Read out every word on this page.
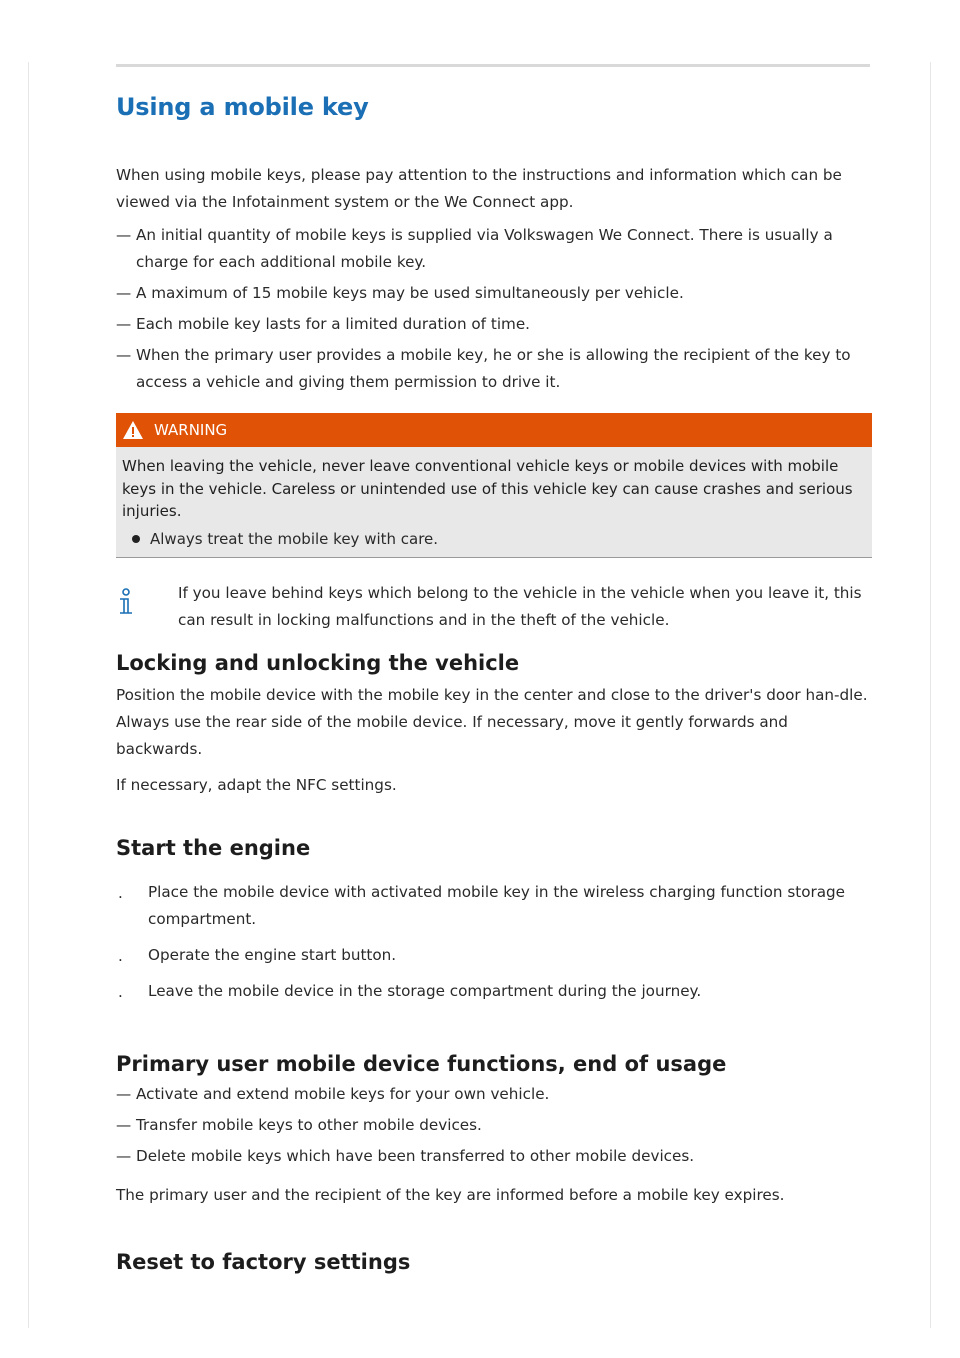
Using a mobile key

When using mobile keys, please pay attention to the instructions and information which can be viewed via the Infotainment system or the We Connect app.

— An initial quantity of mobile keys is supplied via Volkswagen We Connect. There is usually a charge for each additional mobile key.
— A maximum of 15 mobile keys may be used simultaneously per vehicle.
— Each mobile key lasts for a limited duration of time.
— When the primary user provides a mobile key, he or she is allowing the recipient of the key to access a vehicle and giving them permission to drive it.
WARNING

When leaving the vehicle, never leave conventional vehicle keys or mobile devices with mobile keys in the vehicle. Careless or unintended use of this vehicle key can cause crashes and serious injuries.

Always treat the mobile key with care.

If you leave behind keys which belong to the vehicle in the vehicle when you leave it, this can result in locking malfunctions and in the theft of the vehicle.

Locking and unlocking the vehicle

Position the mobile device with the mobile key in the center and close to the driver's door han-dle. Always use the rear side of the mobile device. If necessary, move it gently forwards and backwards.

If necessary, adapt the NFC settings.

Start the engine
. Place the mobile device with activated mobile key in the wireless charging function storage compartment.
. Operate the engine start button.
. Leave the mobile device in the storage compartment during the journey.
Primary user mobile device functions, end of usage
— Activate and extend mobile keys for your own vehicle.
— Transfer mobile keys to other mobile devices.
— Delete mobile keys which have been transferred to other mobile devices.

The primary user and the recipient of the key are informed before a mobile key expires.

Reset to factory settings
